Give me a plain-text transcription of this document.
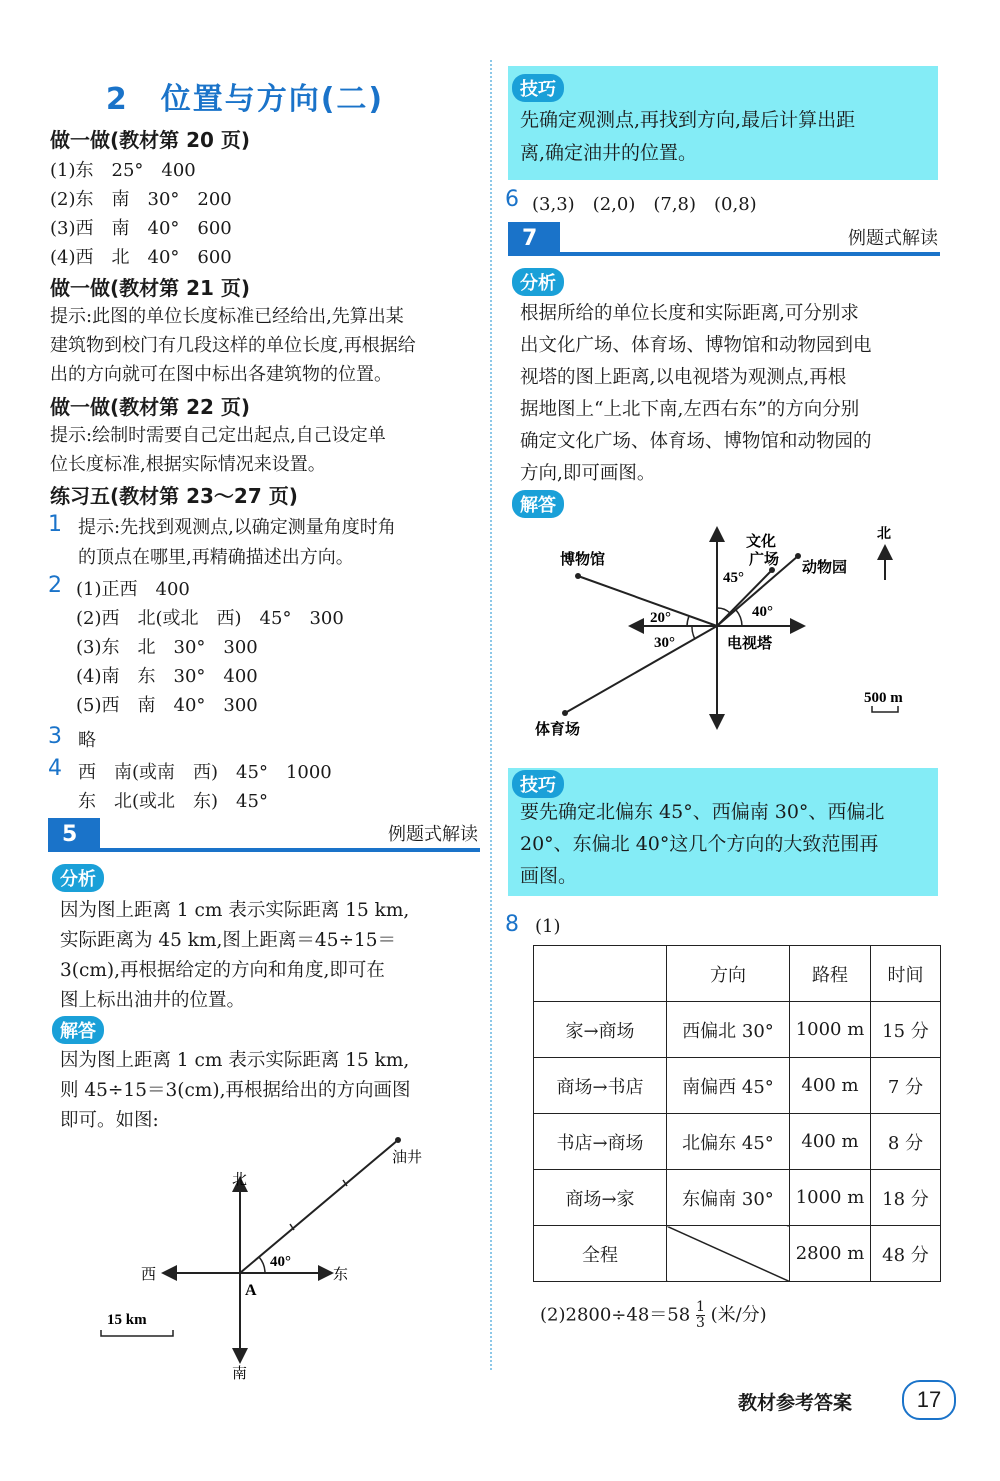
2　位置与方向(二)
做一做(教材第 20 页)
(1)东　25°　400
(2)东　南　30°　200
(3)西　南　40°　600
(4)西　北　40°　600
做一做(教材第 21 页)
提示:此图的单位长度标准已经给出,先算出某
建筑物到校门有几段这样的单位长度,再根据给
出的方向就可在图中标出各建筑物的位置。
做一做(教材第 22 页)
提示:绘制时需要自己定出起点,自己设定单
位长度标准,根据实际情况来设置。
练习五(教材第 23～27 页)
1 提示:先找到观测点,以确定测量角度时角
的顶点在哪里,再精确描述出方向。
2 (1)正西　400
(2)西　北(或北　西)　45°　300
(3)东　北　30°　300
(4)南　东　30°　400
(5)西　南　40°　300
3 略
4 西　南(或南　西)　45°　1000
东　北(或北　东)　45°
5	例题式解读
分析
因为图上距离 1 cm 表示实际距离 15 km,
实际距离为 45 km,图上距离＝45÷15＝
3(cm),再根据给定的方向和角度,即可在
图上标出油井的位置。
解答
因为图上距离 1 cm 表示实际距离 15 km,
则 45÷15＝3(cm),再根据给出的方向画图
即可。如图:
40°
北
南
东
西
A
油井
15 km
技巧
先确定观测点,再找到方向,最后计算出距
离,确定油井的位置。
6 (3,3)　(2,0)　(7,8)　(0,8)
7	例题式解读
分析
根据所给的单位长度和实际距离,可分别求
出文化广场、体育场、博物馆和动物园到电
视塔的图上距离,以电视塔为观测点,再根
据地图上“上北下南,左西右东”的方向分别
确定文化广场、体育场、博物馆和动物园的
方向,即可画图。
解答
45°
40°
20°
30°
博物馆
文化
广场 动物园
体育场
电视塔
北
500 m
技巧
要先确定北偏东 45°、西偏南 30°、西偏北
20°、东偏北 40°这几个方向的大致范围再
画图。
8 (1)
	方向	路程	时间
家→商场	西偏北 30°	1000 m	15 分
商场→书店	南偏西 45°	400 m	7 分
书店→商场	北偏东 45°	400 m	8 分
商场→家	东偏南 30°	1000 m	18 分
全程		2800 m	48 分
$(2)2800\div 48=58 \frac{1}{3}$ (米/分)
教材参考答案	17
